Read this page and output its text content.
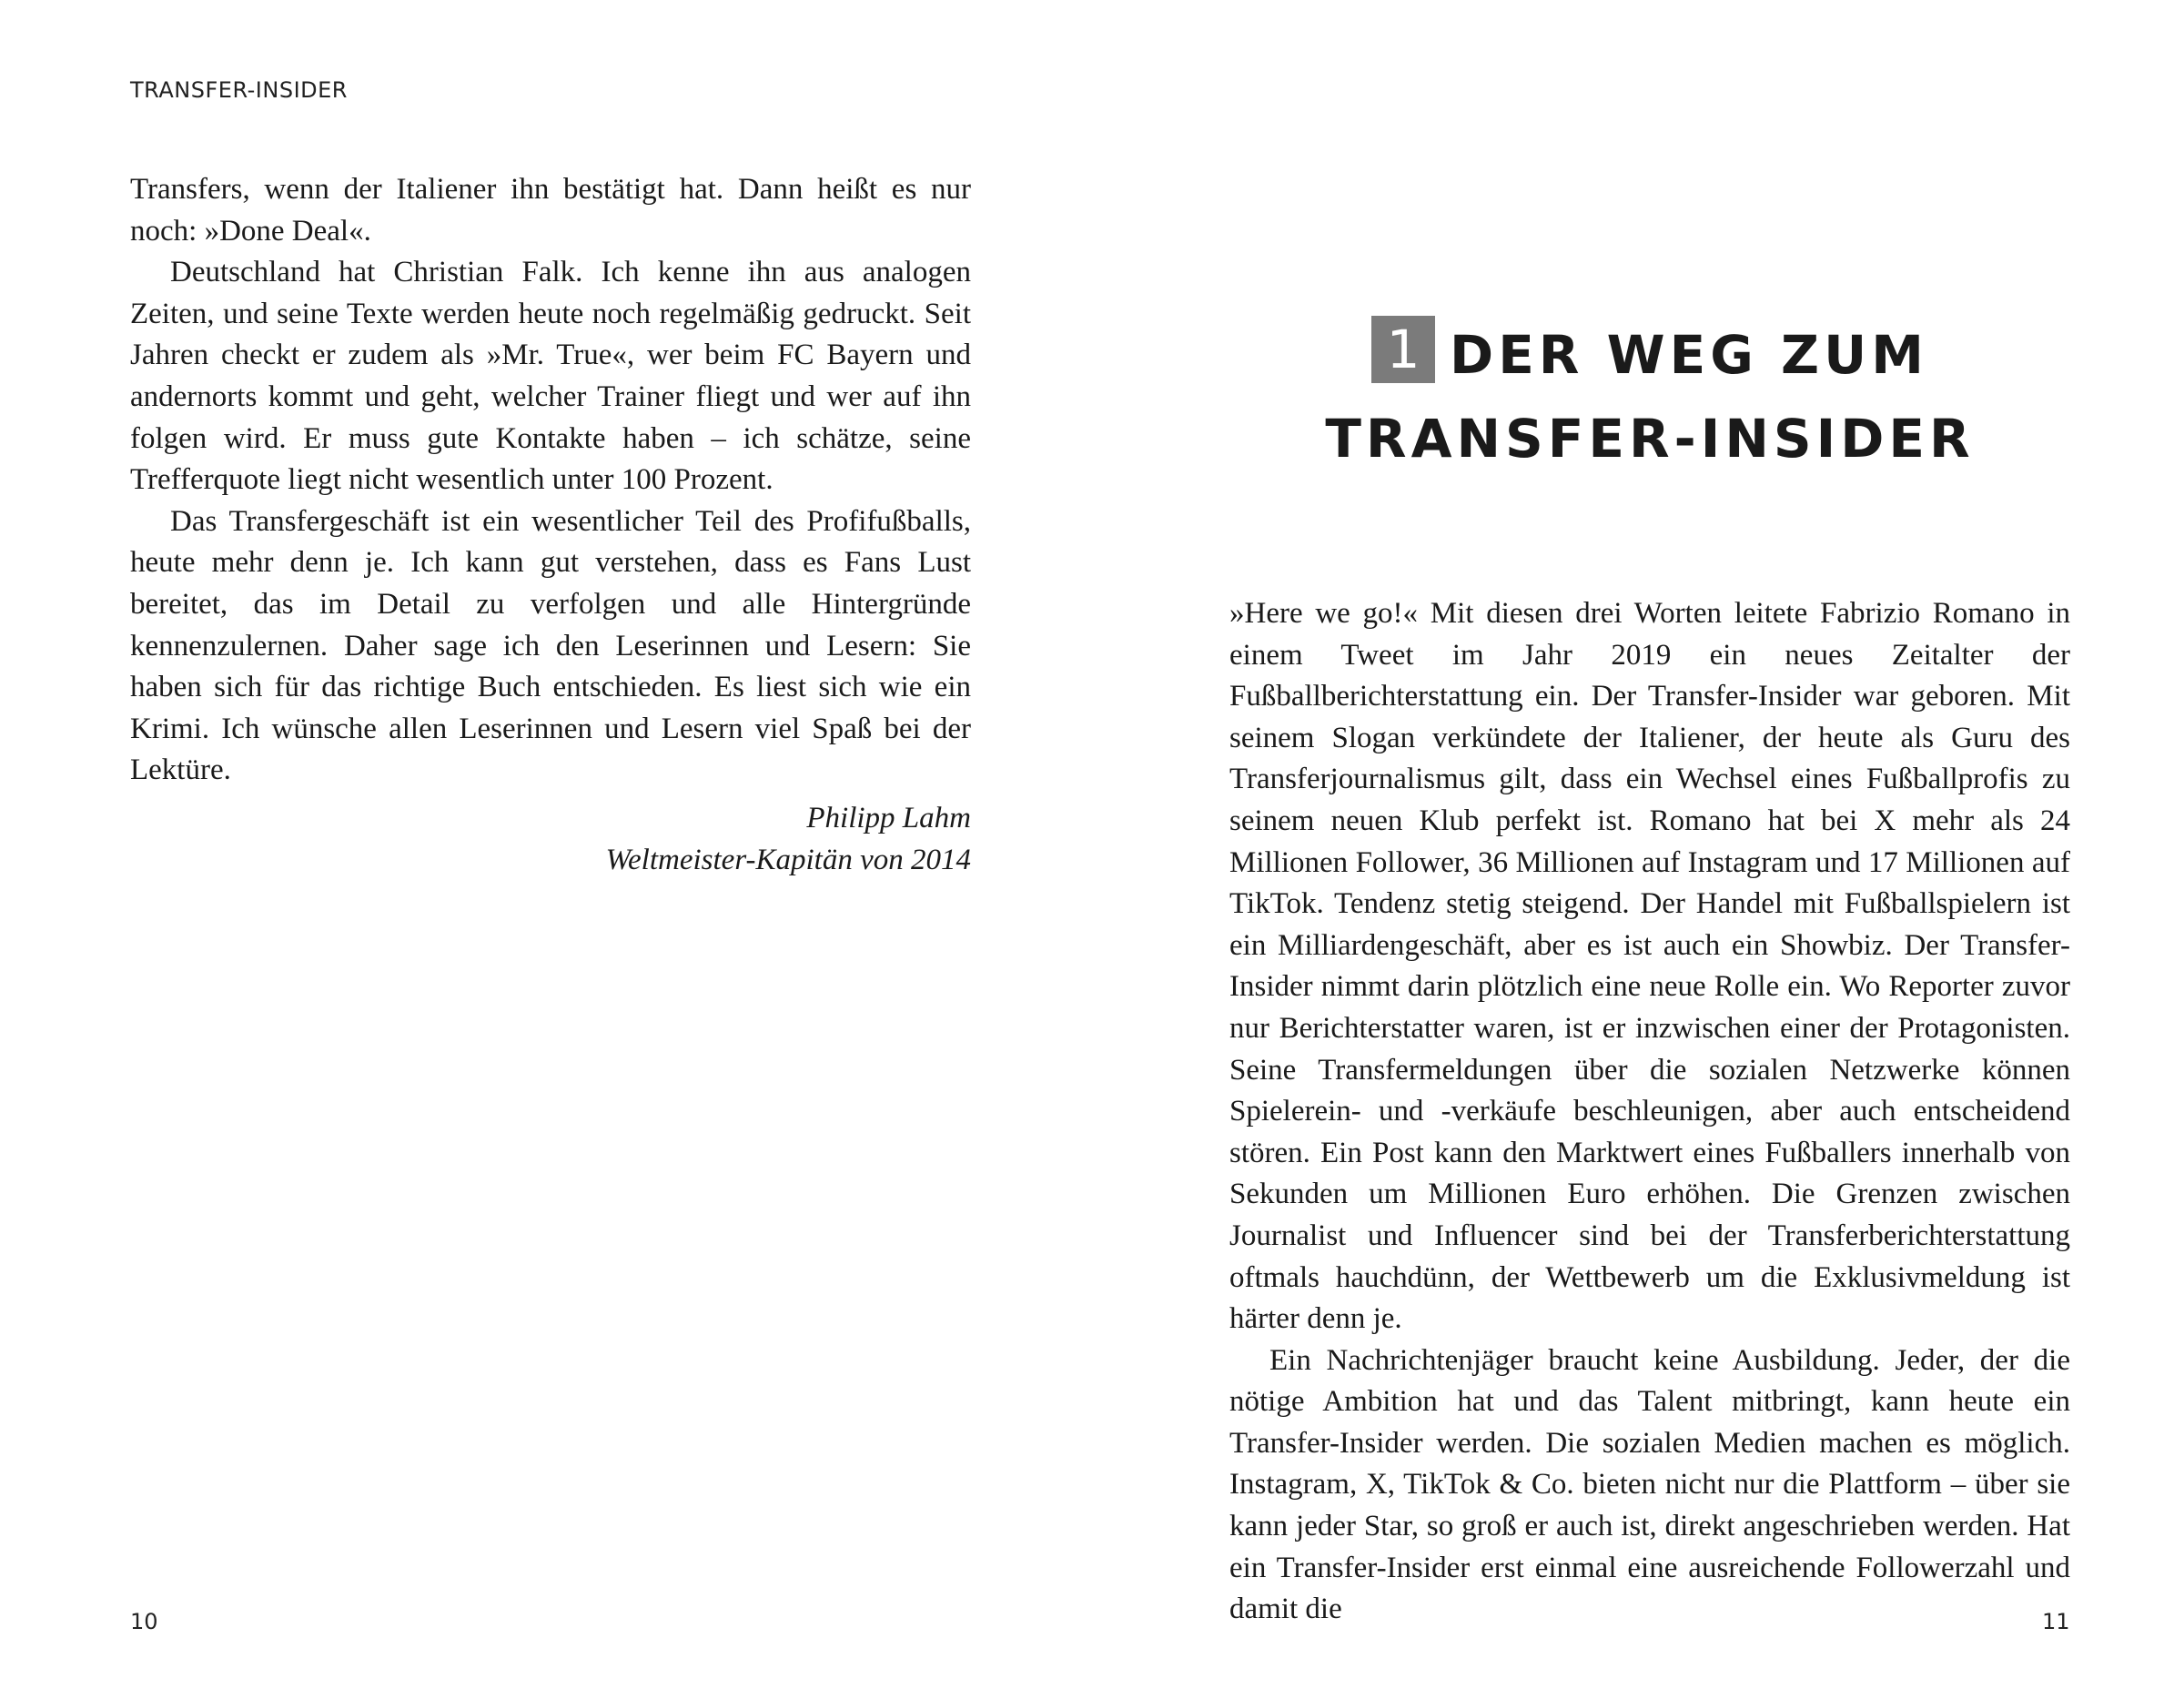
TRANSFER-INSIDER

Transfers, wenn der Italiener ihn bestätigt hat. Dann heißt es nur noch: »Done Deal«.

Deutschland hat Christian Falk. Ich kenne ihn aus analogen Zeiten, und seine Texte werden heute noch regelmäßig gedruckt. Seit Jahren checkt er zudem als »Mr. True«, wer beim FC Bayern und andernorts kommt und geht, welcher Trainer fliegt und wer auf ihn folgen wird. Er muss gute Kontakte haben – ich schätze, seine Trefferquote liegt nicht wesentlich unter 100 Prozent.

Das Transfergeschäft ist ein wesentlicher Teil des Profifußballs, heute mehr denn je. Ich kann gut verstehen, dass es Fans Lust bereitet, das im Detail zu verfolgen und alle Hintergründe kennenzulernen. Daher sage ich den Leserinnen und Lesern: Sie haben sich für das richtige Buch entschieden. Es liest sich wie ein Krimi. Ich wünsche allen Leserinnen und Lesern viel Spaß bei der Lektüre.

Philipp Lahm
Weltmeister-Kapitän von 2014
1 DER WEG ZUM
TRANSFER-INSIDER

»Here we go!« Mit diesen drei Worten leitete Fabrizio Romano in einem Tweet im Jahr 2019 ein neues Zeitalter der Fußballberichterstattung ein. Der Transfer-Insider war geboren. Mit seinem Slogan verkündete der Italiener, der heute als Guru des Transferjournalismus gilt, dass ein Wechsel eines Fußballprofis zu seinem neuen Klub perfekt ist. Romano hat bei X mehr als 24 Millionen Follower, 36 Millionen auf Instagram und 17 Millionen auf TikTok. Tendenz stetig steigend. Der Handel mit Fußballspielern ist ein Milliardengeschäft, aber es ist auch ein Showbiz. Der Transfer-Insider nimmt darin plötzlich eine neue Rolle ein. Wo Reporter zuvor nur Berichterstatter waren, ist er inzwischen einer der Protagonisten. Seine Transfermeldungen über die sozialen Netzwerke können Spielerein- und -verkäufe beschleunigen, aber auch entscheidend stören. Ein Post kann den Marktwert eines Fußballers innerhalb von Sekunden um Millionen Euro erhöhen. Die Grenzen zwischen Journalist und Influencer sind bei der Transferberichterstattung oftmals hauchdünn, der Wettbewerb um die Exklusivmeldung ist härter denn je.

Ein Nachrichtenjäger braucht keine Ausbildung. Jeder, der die nötige Ambition hat und das Talent mitbringt, kann heute ein Transfer-Insider werden. Die sozialen Medien machen es möglich. Instagram, X, TikTok & Co. bieten nicht nur die Plattform – über sie kann jeder Star, so groß er auch ist, direkt angeschrieben werden. Hat ein Transfer-Insider erst einmal eine ausreichende Followerzahl und damit die

10	11
